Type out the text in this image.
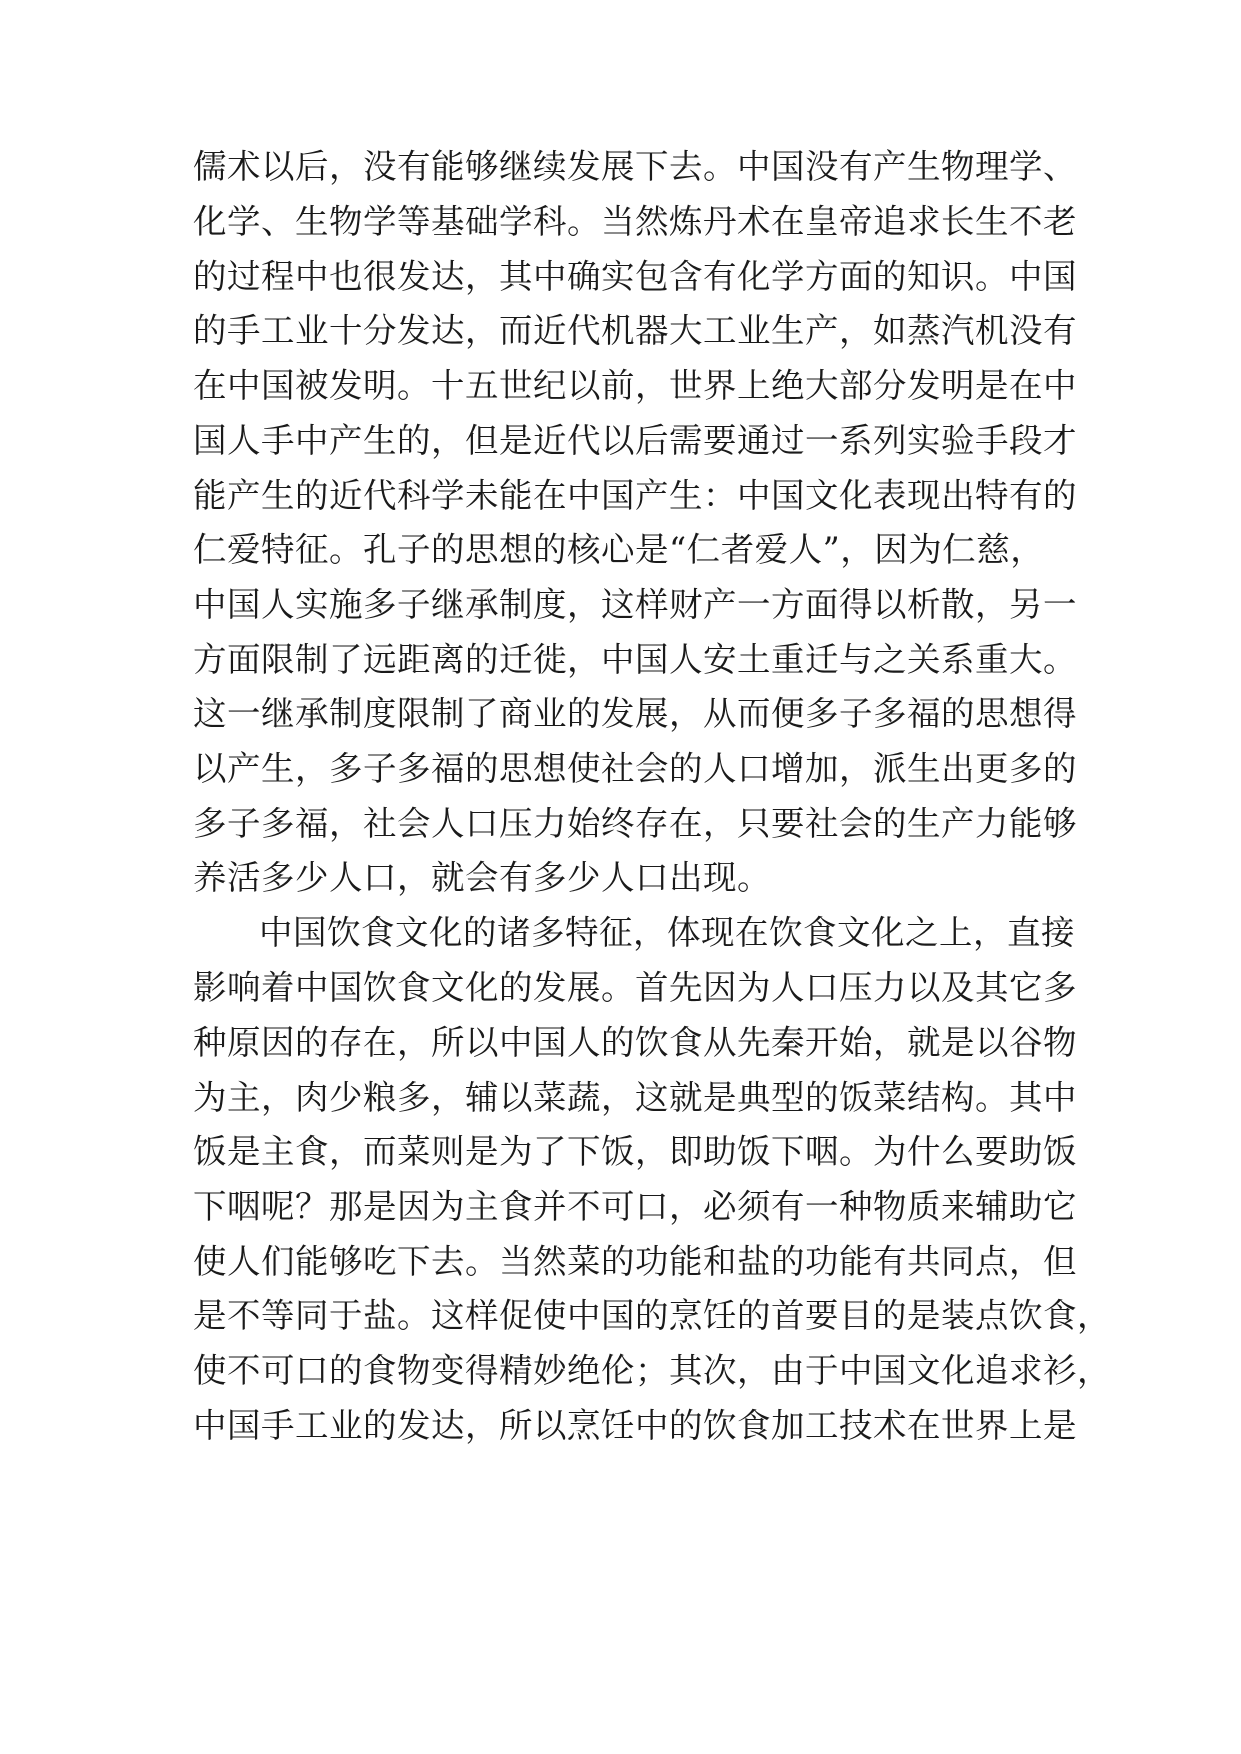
儒术以后，没有能够继续发展下去。中国没有产生物理学、
化学、生物学等基础学科。当然炼丹术在皇帝追求长生不老
的过程中也很发达，其中确实包含有化学方面的知识。中国
的手工业十分发达，而近代机器大工业生产，如蒸汽机没有
在中国被发明。十五世纪以前，世界上绝大部分发明是在中
国人手中产生的，但是近代以后需要通过一系列实验手段才
能产生的近代科学未能在中国产生：中国文化表现出特有的
仁爱特征。孔子的思想的核心是“仁者爱人”，因为仁慈，
中国人实施多子继承制度，这样财产一方面得以析散，另一
方面限制了远距离的迁徙，中国人安土重迁与之关系重大。
这一继承制度限制了商业的发展，从而便多子多福的思想得
以产生，多子多福的思想使社会的人口增加，派生出更多的
多子多福，社会人口压力始终存在，只要社会的生产力能够
养活多少人口，就会有多少人口出现。
中国饮食文化的诸多特征，体现在饮食文化之上，直接
影响着中国饮食文化的发展。首先因为人口压力以及其它多
种原因的存在，所以中国人的饮食从先秦开始，就是以谷物
为主，肉少粮多，辅以菜蔬，这就是典型的饭菜结构。其中
饭是主食，而菜则是为了下饭，即助饭下咽。为什么要助饭
下咽呢？那是因为主食并不可口，必须有一种物质来辅助它
使人们能够吃下去。当然菜的功能和盐的功能有共同点，但
是不等同于盐。这样促使中国的烹饪的首要目的是装点饮食，
使不可口的食物变得精妙绝伦；其次，由于中国文化追求衫，
中国手工业的发达，所以烹饪中的饮食加工技术在世界上是
